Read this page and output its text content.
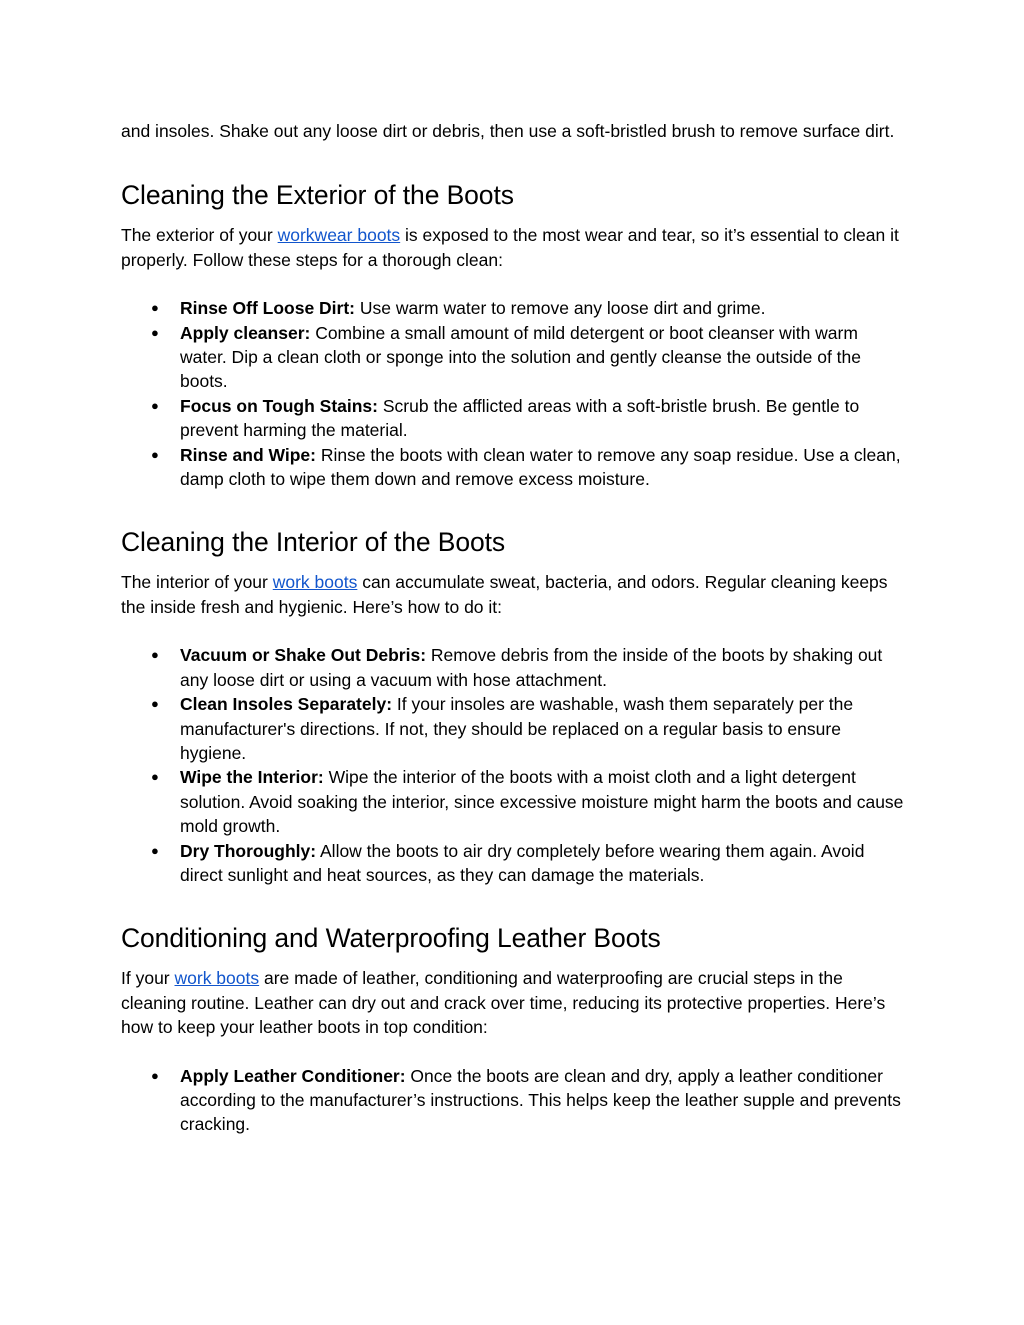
and insoles. Shake out any loose dirt or debris, then use a soft-bristled brush to remove surface dirt.

Cleaning the Exterior of the Boots

The exterior of your workwear boots is exposed to the most wear and tear, so it’s essential to clean it properly. Follow these steps for a thorough clean:

● Rinse Off Loose Dirt: Use warm water to remove any loose dirt and grime.
● Apply cleanser: Combine a small amount of mild detergent or boot cleanser with warm water. Dip a clean cloth or sponge into the solution and gently cleanse the outside of the boots.
● Focus on Tough Stains: Scrub the afflicted areas with a soft-bristle brush. Be gentle to prevent harming the material.
● Rinse and Wipe: Rinse the boots with clean water to remove any soap residue. Use a clean, damp cloth to wipe them down and remove excess moisture.
Cleaning the Interior of the Boots

The interior of your work boots can accumulate sweat, bacteria, and odors. Regular cleaning keeps the inside fresh and hygienic. Here’s how to do it:

● Vacuum or Shake Out Debris: Remove debris from the inside of the boots by shaking out any loose dirt or using a vacuum with hose attachment.
● Clean Insoles Separately: If your insoles are washable, wash them separately per the manufacturer's directions. If not, they should be replaced on a regular basis to ensure hygiene.
● Wipe the Interior: Wipe the interior of the boots with a moist cloth and a light detergent solution. Avoid soaking the interior, since excessive moisture might harm the boots and cause mold growth.
● Dry Thoroughly: Allow the boots to air dry completely before wearing them again. Avoid direct sunlight and heat sources, as they can damage the materials.
Conditioning and Waterproofing Leather Boots

If your work boots are made of leather, conditioning and waterproofing are crucial steps in the cleaning routine. Leather can dry out and crack over time, reducing its protective properties. Here’s how to keep your leather boots in top condition:

● Apply Leather Conditioner: Once the boots are clean and dry, apply a leather conditioner according to the manufacturer’s instructions. This helps keep the leather supple and prevents cracking.
